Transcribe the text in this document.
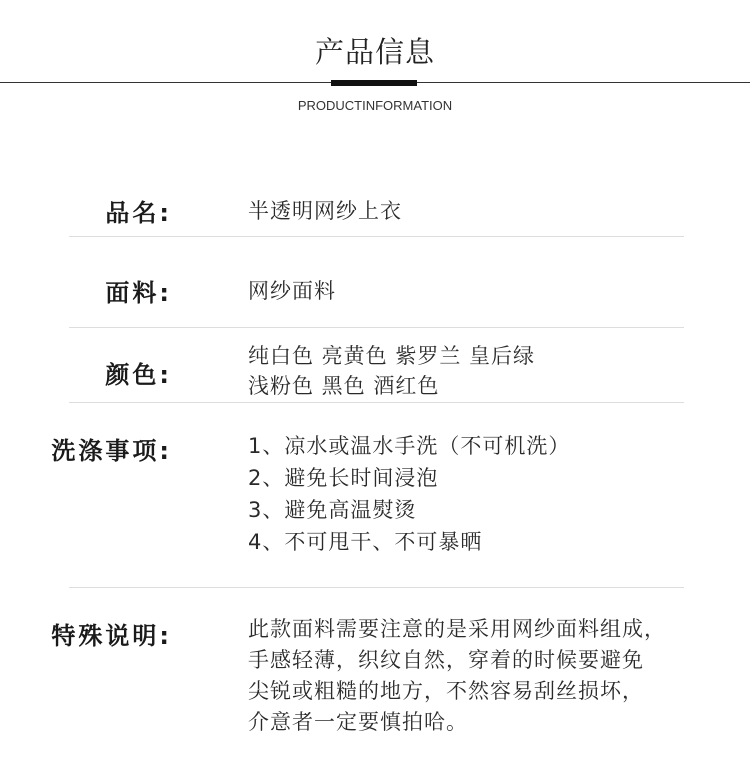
产品信息
PRODUCTINFORMATION
品名:	半透明网纱上衣
面料:	网纱面料
颜色:
纯白色 亮黄色 紫罗兰 皇后绿
浅粉色 黑色 酒红色
洗涤事项:	1、凉水或温水手洗（不可机洗）
2、避免长时间浸泡
3、避免高温熨烫
4、不可甩干、不可暴晒
特殊说明:	此款面料需要注意的是采用网纱面料组成，
手感轻薄，织纹自然，穿着的时候要避免
尖锐或粗糙的地方，不然容易刮丝损坏，
介意者一定要慎拍哈。
